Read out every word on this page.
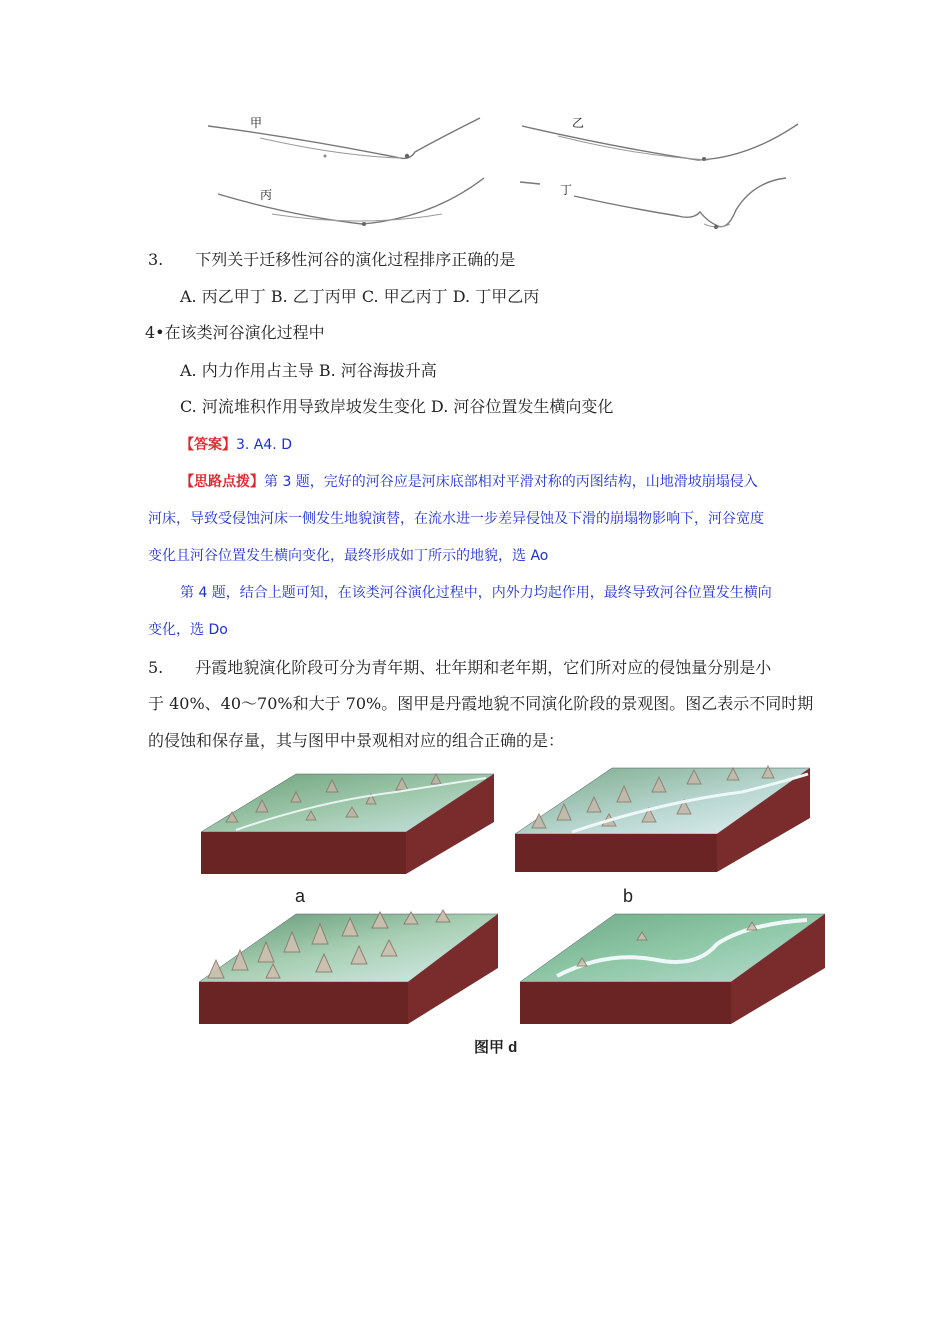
甲	乙
丙	丁
3.　　下列关于迁移性河谷的演化过程排序正确的是
A. 丙乙甲丁 B. 乙丁丙甲 C. 甲乙丙丁 D. 丁甲乙丙
4•在该类河谷演化过程中
A. 内力作用占主导 B. 河谷海拔升高
C. 河流堆积作用导致岸坡发生变化 D. 河谷位置发生横向变化
【答案】3. A4. D
【思路点拨】第 3 题，完好的河谷应是河床底部相对平滑对称的丙图结构，山地滑坡崩塌侵入
河床，导致受侵蚀河床一侧发生地貌演替，在流水进一步差异侵蚀及下滑的崩塌物影响下，河谷宽度
变化且河谷位置发生横向变化，最终形成如丁所示的地貌，选 Ao
第 4 题，结合上题可知，在该类河谷演化过程中，内外力均起作用，最终导致河谷位置发生横向
变化，选 Do
5.　　丹霞地貌演化阶段可分为青年期、壮年期和老年期，它们所对应的侵蚀量分别是小
于 40%、40〜70%和大于 70%。图甲是丹霞地貌不同演化阶段的景观图。图乙表示不同时期
的侵蚀和保存量，其与图甲中景观相对应的组合正确的是：
a	b
图甲 d
